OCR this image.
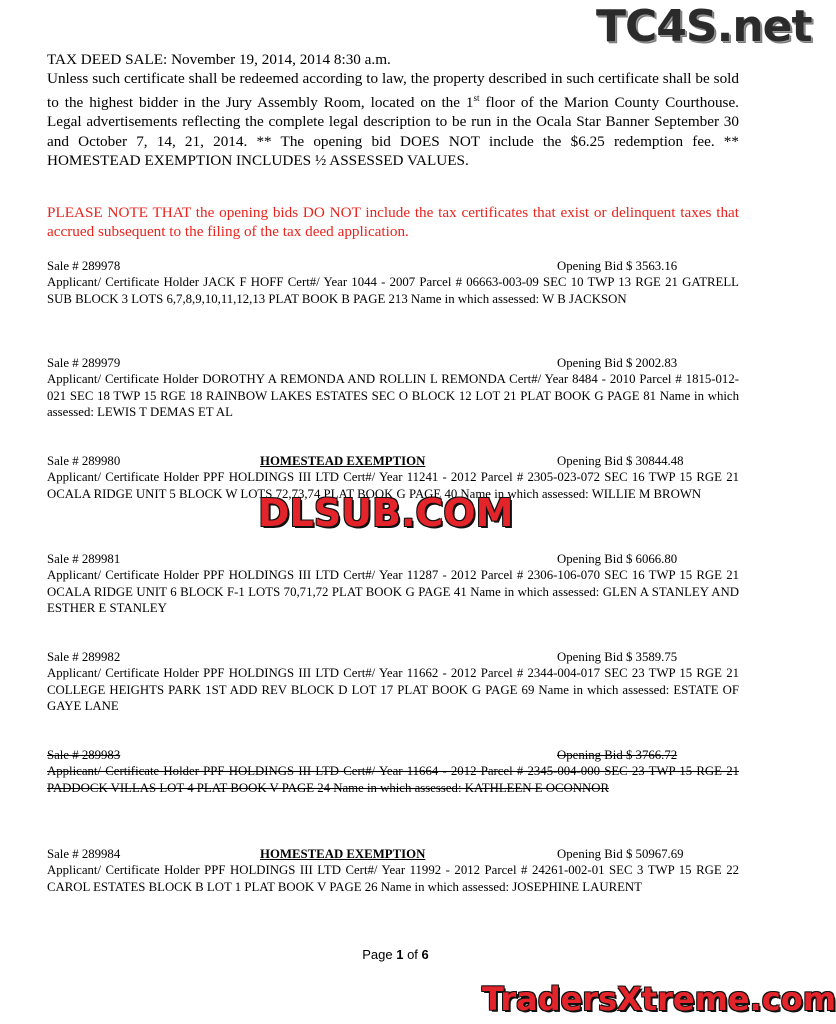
TC4S.net
TAX DEED SALE: November 19, 2014, 2014 8:30 a.m.
Unless such certificate shall be redeemed according to law, the property described in such certificate shall be sold to the highest bidder in the Jury Assembly Room, located on the 1st floor of the Marion County Courthouse. Legal advertisements reflecting the complete legal description to be run in the Ocala Star Banner September 30 and October 7, 14, 21, 2014. ** The opening bid DOES NOT include the $6.25 redemption fee. ** HOMESTEAD EXEMPTION INCLUDES ½ ASSESSED VALUES.
PLEASE NOTE THAT the opening bids DO NOT include the tax certificates that exist or delinquent taxes that accrued subsequent to the filing of the tax deed application.
Sale # 289978	Opening Bid $ 3563.16
Applicant/ Certificate Holder JACK F HOFF Cert#/ Year 1044 - 2007 Parcel # 06663-003-09 SEC 10 TWP 13 RGE 21 GATRELL SUB BLOCK 3 LOTS 6,7,8,9,10,11,12,13 PLAT BOOK B PAGE 213 Name in which assessed: W B JACKSON
Sale # 289979	Opening Bid $ 2002.83
Applicant/ Certificate Holder DOROTHY A REMONDA AND ROLLIN L REMONDA Cert#/ Year 8484 - 2010 Parcel # 1815-012-021 SEC 18 TWP 15 RGE 18 RAINBOW LAKES ESTATES SEC O BLOCK 12 LOT 21 PLAT BOOK G PAGE 81 Name in which assessed: LEWIS T DEMAS ET AL
Sale # 289980	HOMESTEAD EXEMPTION	Opening Bid $ 30844.48
Applicant/ Certificate Holder PPF HOLDINGS III LTD Cert#/ Year 11241 - 2012 Parcel # 2305-023-072 SEC 16 TWP 15 RGE 21 OCALA RIDGE UNIT 5 BLOCK W LOTS 72,73,74 PLAT BOOK G PAGE 40 Name in which assessed: WILLIE M BROWN
Sale # 289981	Opening Bid $ 6066.80
Applicant/ Certificate Holder PPF HOLDINGS III LTD Cert#/ Year 11287 - 2012 Parcel # 2306-106-070 SEC 16 TWP 15 RGE 21 OCALA RIDGE UNIT 6 BLOCK F-1 LOTS 70,71,72 PLAT BOOK G PAGE 41 Name in which assessed: GLEN A STANLEY AND ESTHER E STANLEY
Sale # 289982	Opening Bid $ 3589.75
Applicant/ Certificate Holder PPF HOLDINGS III LTD Cert#/ Year 11662 - 2012 Parcel # 2344-004-017 SEC 23 TWP 15 RGE 21 COLLEGE HEIGHTS PARK 1ST ADD REV BLOCK D LOT 17 PLAT BOOK G PAGE 69 Name in which assessed: ESTATE OF GAYE LANE
Sale # 289983	Opening Bid $ 3766.72
Applicant/ Certificate Holder PPF HOLDINGS III LTD Cert#/ Year 11664 - 2012 Parcel # 2345-004-000 SEC 23 TWP 15 RGE 21 PADDOCK VILLAS LOT 4 PLAT BOOK V PAGE 24 Name in which assessed: KATHLEEN E OCONNOR
Sale # 289984	HOMESTEAD EXEMPTION	Opening Bid $ 50967.69
Applicant/ Certificate Holder PPF HOLDINGS III LTD Cert#/ Year 11992 - 2012 Parcel # 24261-002-01 SEC 3 TWP 15 RGE 22 CAROL ESTATES BLOCK B LOT 1 PLAT BOOK V PAGE 26 Name in which assessed: JOSEPHINE LAURENT
DLSUB.COM
Page 1 of 6
TradersXtreme.com
